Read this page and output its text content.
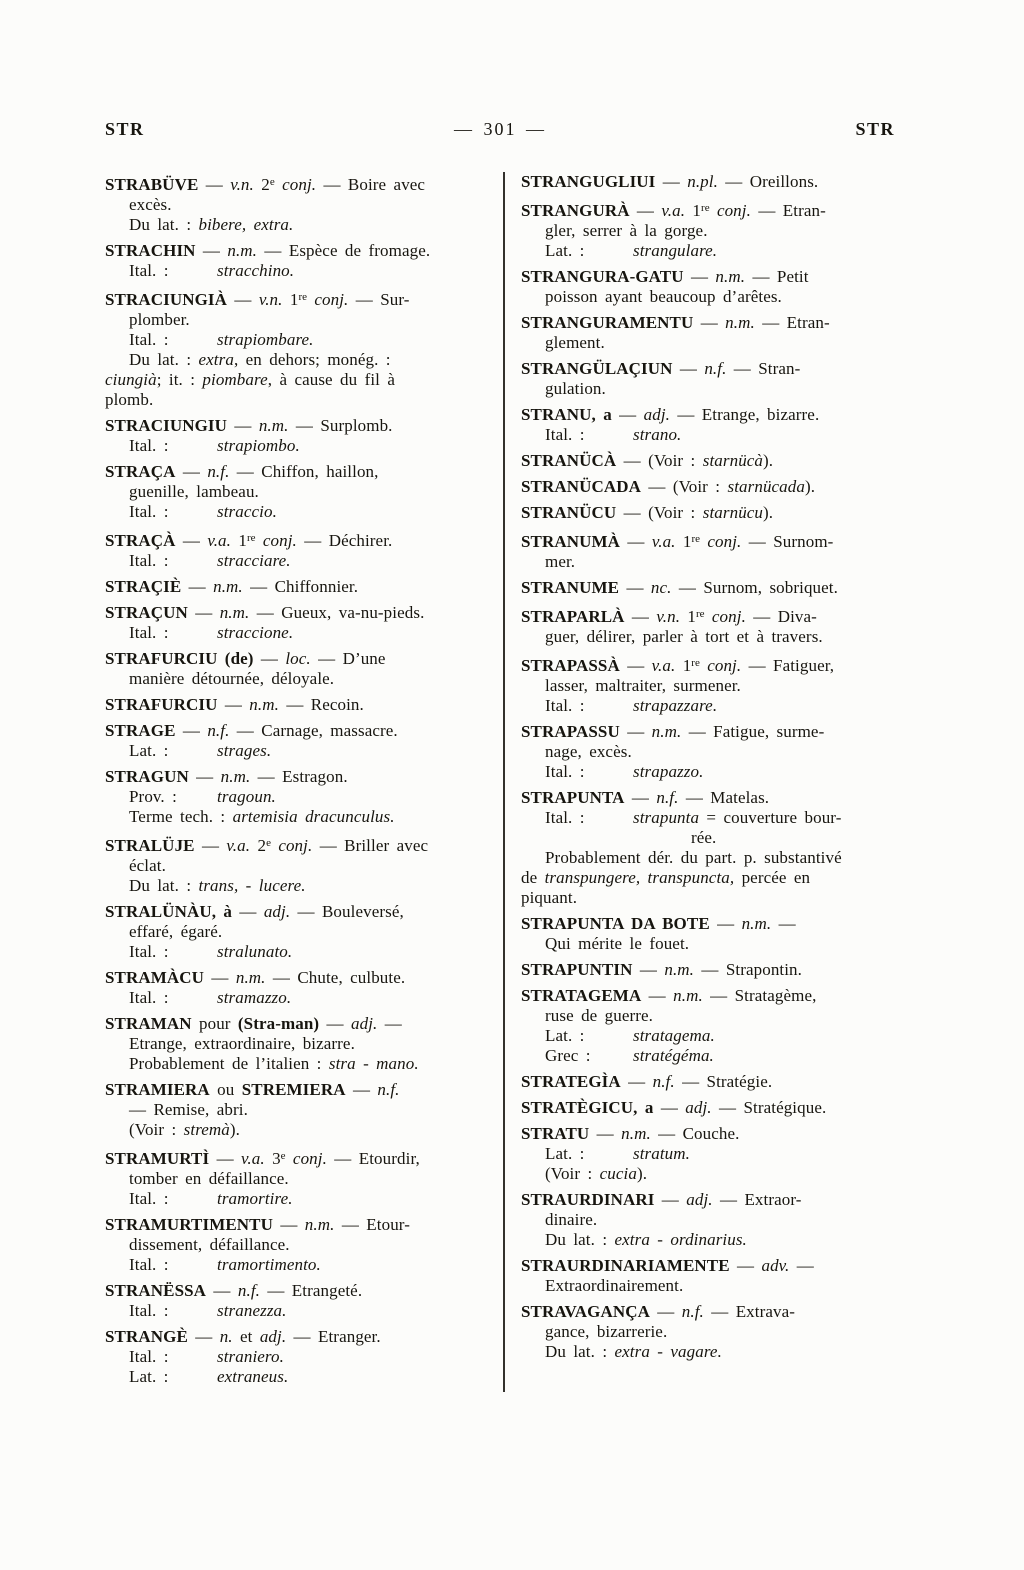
STR	— 301 —	STR
STRABÜVE — v.n. 2e conj. — Boire avec
excès.
Du lat. : bibere, extra.
STRACHIN — n.m. — Espèce de fromage.
Ital. :	stracchino.
STRACIUNGIÀ — v.n. 1re conj. — Sur-
plomber.
Ital. :	strapiombare.
Du lat. : extra, en dehors; monég. :
ciungià; it. : piombare, à cause du fil à
plomb.
STRACIUNGIU — n.m. — Surplomb.
Ital. :	strapiombo.
STRAÇA — n.f. — Chiffon, haillon,
guenille, lambeau.
Ital. :	straccio.
STRAÇÀ — v.a. 1re conj. — Déchirer.
Ital. :	stracciare.
STRAÇIÈ — n.m. — Chiffonnier.
STRAÇUN — n.m. — Gueux, va-nu-pieds.
Ital. :	straccione.
STRAFURCIU (de) — loc. — D’une
manière détournée, déloyale.
STRAFURCIU — n.m. — Recoin.
STRAGE — n.f. — Carnage, massacre.
Lat. :	strages.
STRAGUN — n.m. — Estragon.
Prov. : tragoun.
Terme tech. : artemisia dracunculus.
STRALÜJE — v.a. 2e conj. — Briller avec
éclat.
Du lat. : trans, - lucere.
STRALÜNÀU, à — adj. — Bouleversé,
effaré, égaré.
Ital. :	stralunato.
STRAMÀCU — n.m. — Chute, culbute.
Ital. :	stramazzo.
STRAMAN pour (Stra-man) — adj. —
Etrange, extraordinaire, bizarre.
Probablement de l’italien : stra - mano.
STRAMIERA ou STREMIERA — n.f.
— Remise, abri.
(Voir : stremà).
STRAMURTÌ — v.a. 3e conj. — Etourdir,
tomber en défaillance.
Ital. :	tramortire.
STRAMURTIMENTU — n.m. — Etour-
dissement, défaillance.
Ital. :	tramortimento.
STRANËSSA — n.f. — Etrangeté.
Ital. :	stranezza.
STRANGÈ — n. et adj. — Etranger.
Ital. :	straniero.
Lat. :	extraneus.
STRANGUGLIUI — n.pl. — Oreillons.
STRANGURÀ — v.a. 1re conj. — Etran-
gler, serrer à la gorge.
Lat. :	strangulare.
STRANGURA-GATU — n.m. — Petit
poisson ayant beaucoup d’arêtes.
STRANGURAMENTU — n.m. — Etran-
glement.
STRANGÜLAÇIUN — n.f. — Stran-
gulation.
STRANU, a — adj. — Etrange, bizarre.
Ital. :	strano.
STRANÜCÀ — (Voir : starnücà).
STRANÜCADA — (Voir : starnücada).
STRANÜCU — (Voir : starnücu).
STRANUMÀ — v.a. 1re conj. — Surnom-
mer.
STRANUME — nc. — Surnom, sobriquet.
STRAPARLÀ — v.n. 1re conj. — Diva-
guer, délirer, parler à tort et à travers.
STRAPASSÀ — v.a. 1re conj. — Fatiguer,
lasser, maltraiter, surmener.
Ital. :	strapazzare.
STRAPASSU — n.m. — Fatigue, surme-
nage, excès.
Ital. :	strapazzo.
STRAPUNTA — n.f. — Matelas.
Ital. :	strapunta = couverture bour-
rée.
Probablement dér. du part. p. substantivé
de transpungere, transpuncta, percée en
piquant.
STRAPUNTA DA BOTE — n.m. —
Qui mérite le fouet.
STRAPUNTIN — n.m. — Strapontin.
STRATAGEMA — n.m. — Stratagème,
ruse de guerre.
Lat. :	stratagema.
Grec : stratégéma.
STRATEGÌA — n.f. — Stratégie.
STRATÈGICU, a — adj. — Stratégique.
STRATU — n.m. — Couche.
Lat. :	stratum.
(Voir : cucia).
STRAURDINARI — adj. — Extraor-
dinaire.
Du lat. : extra - ordinarius.
STRAURDINARIAMENTE — adv. —
Extraordinairement.
STRAVAGANÇA — n.f. — Extrava-
gance, bizarrerie.
Du lat. : extra - vagare.
